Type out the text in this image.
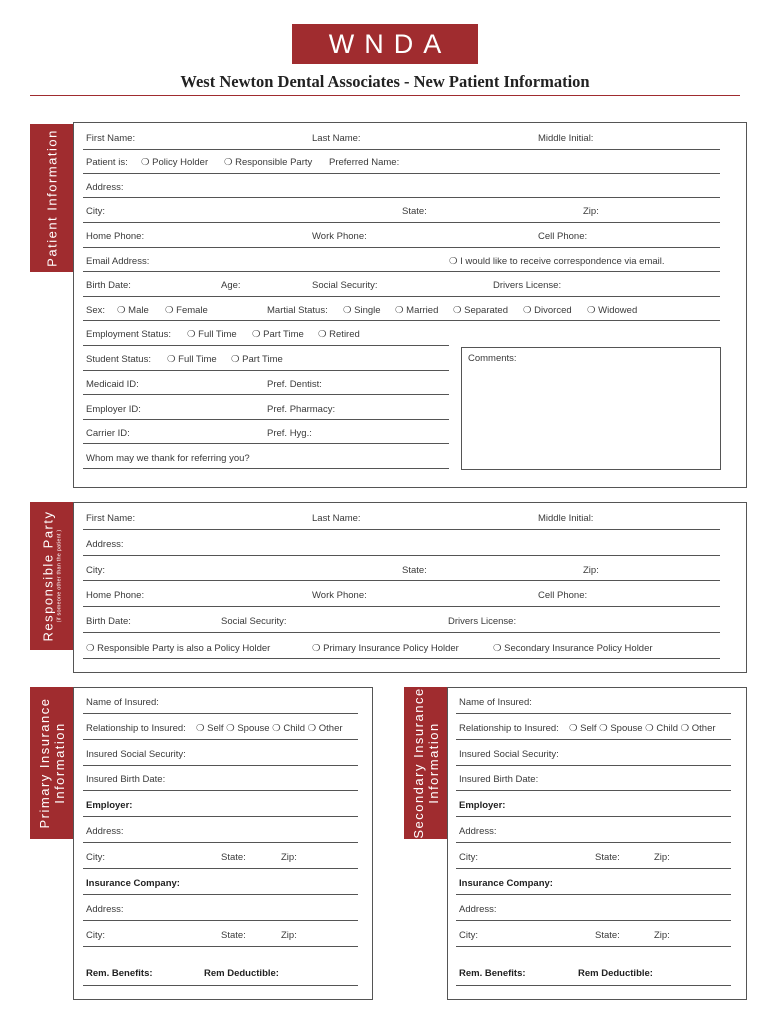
WNDA
West Newton Dental Associates - New Patient Information
Patient Information	First Name:	Last Name:	Middle Initial:
Patient is: ❍ Policy Holder ❍ Responsible Party Preferred Name:
Address:
City:	State:	Zip:
Home Phone:	Work Phone:	Cell Phone:
Email Address:	❍ I would like to receive correspondence via email.
Birth Date:	Age:	Social Security:	Drivers License:
Sex: ❍ Male ❍ Female	Martial Status: ❍ Single ❍ Married ❍ Separated ❍ Divorced ❍ Widowed
Employment Status: ❍ Full Time ❍ Part Time ❍ Retired
Student Status: ❍ Full Time ❍ Part Time	Comments:
Medicaid ID:	Pref. Dentist:
Employer ID:	Pref. Pharmacy:
Carrier ID:	Pref. Hyg.:
Whom may we thank for referring you?
Responsible Party (if someone other than the patient )
First Name:	Last Name:	Middle Initial:
Address:
City:	State:	Zip:
Home Phone:	Work Phone:	Cell Phone:
Birth Date:	Social Security:	Drivers License:
❍ Responsible Party is also a Policy Holder	❍ Primary Insurance Policy Holder	❍ Secondary Insurance Policy Holder
Primary Insurance Information
Name of Insured:
Relationship to Insured: ❍ Self ❍ Spouse ❍ Child ❍ Other
Insured Social Security:
Insured Birth Date:
Employer:
Address:
City:	State:	Zip:
Insurance Company:
Address:
City:	State:	Zip:
Rem. Benefits:	Rem Deductible:
Secondary Insurance Information
Name of Insured:
Relationship to Insured: ❍ Self ❍ Spouse ❍ Child ❍ Other
Insured Social Security:
Insured Birth Date:
Employer:
Address:
City:	State:	Zip:
Insurance Company:
Address:
City:	State:	Zip:
Rem. Benefits:	Rem Deductible:
